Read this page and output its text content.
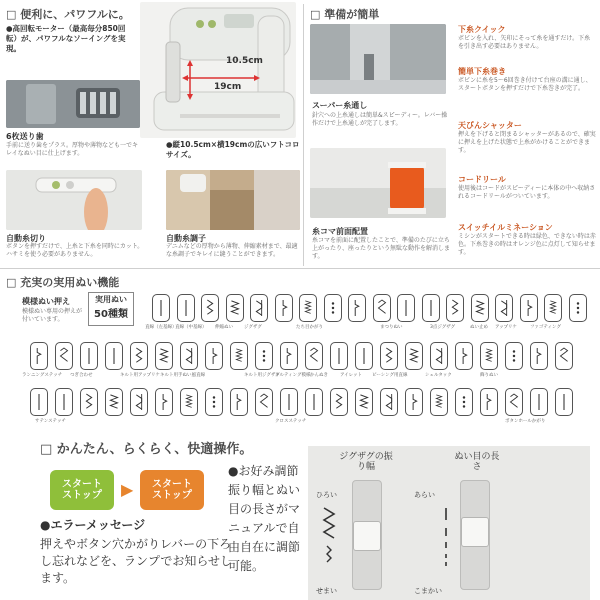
□ 便利に、パワフルに。
●高回転モーター（最高毎分850回転）が、パワフルなソーイングを実現。
10.5cm
19cm
6枚送り歯
手前に送り歯をプラス。厚物や薄物なども一でキレイなぬい目に仕上げます。
●縦10.5cm×横19cmの広いフトコロサイズ。
自動糸切り
ボタンを押すだけで、上糸と下糸を同時にカット。ハサミを使う必要がありません。
自動糸調子
デニムなどの厚物から薄物、伸縮素材まで、最適な糸調子でキレイに縫うことができます。
□ 準備が簡単
スーパー糸通し
針穴への上糸通しは簡単&スピーディー。レバー操作だけで上糸通しが完了します。
糸コマ前面配置
糸コマを前面に配置したことで、準備のたびに立ち上がったり、座ったりという無駄な動作を解消します。
下糸クイック
ボビンを入れ、矢印にそって糸を通すだけ。下糸を引き出す必要はありません。
簡単下糸巻き
ボビンに糸を5〜6回巻き付けて台座の溝に通し、スタートボタンを押すだけで下糸巻きが完了。
天びんシャッター
押えを下げると閉まるシャッターがあるので、確実に押えを上げた状態で上糸がかけることができます。
コードリール
使用後はコードがスピーディーに本体の中へ収納されるコードリールがついています。
スイッチイルミネーション
ミシンがスタートできる時は緑色、できない時は赤色。下糸巻きの時はオレンジ色に点灯して知らせます。
□ 充実の実用ぬい機能
模様ぬい押え
模様ぬい専用の押えが付いています。
実用ぬい
50種類
直線（左基線）
直線（中基線） 伸縮ぬい ジグザグ	たち目かがり	まつりぬい	3点ジグザグ	ぬい止め アップリケ	ファゴティング
ランニングステッチ つぎ合わせ	キルト用アップリケ キルト用手ぬい風直線	キルト用ジグザグ
キルティング模様 かんぬき	アイレット ピーシング用直線	シェルタック	飾りぬい
サテンステッチ	クロスステッチ	ボタンホールかがり
□ かんたん、らくらく、快適操作。
スタートストップ ▶ スタートストップ
●エラーメッセージ
押えやボタン穴かがりレバーの下ろし忘れなどを、ランプでお知らせします。
●お好み調節 振り幅とぬい目の長さがマニュアルで自由自在に調節可能。
ジグザグの振り幅
ぬい目の長さ
ひろい
せまい
あらい
こまかい
